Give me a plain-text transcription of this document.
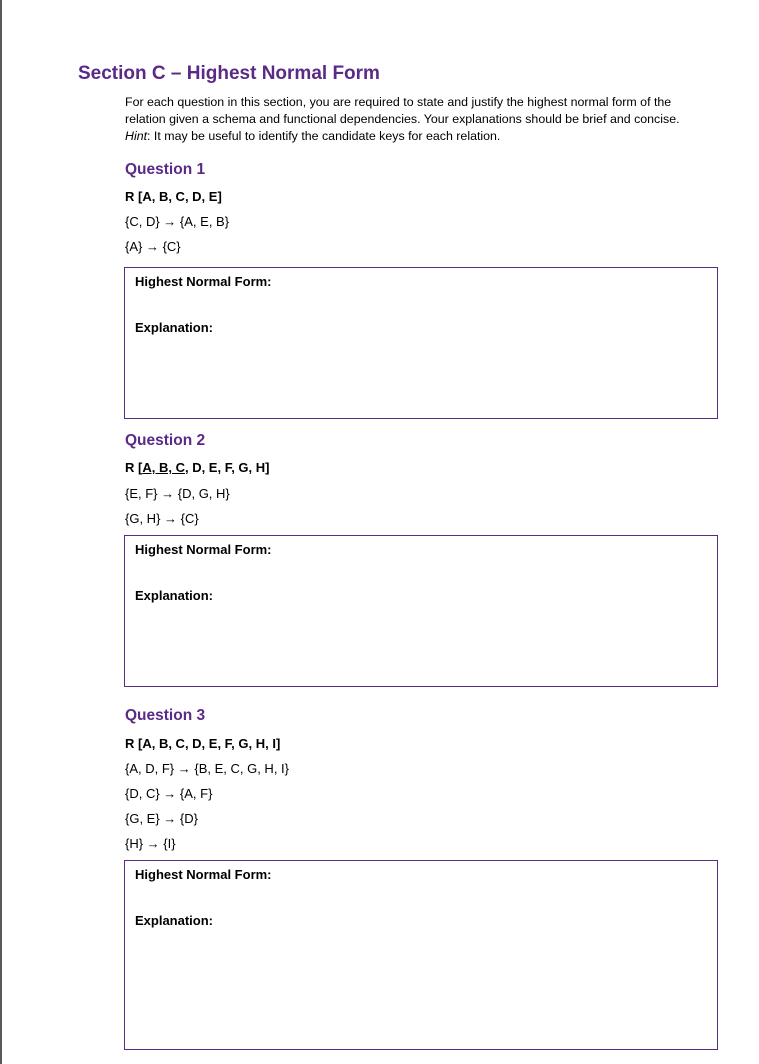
Section C – Highest Normal Form

For each question in this section, you are required to state and justify the highest normal form of the

relation given a schema and functional dependencies. Your explanations should be brief and concise.

Hint: It may be useful to identify the candidate keys for each relation.

Question 1

R [A, B, C, D, E]

{C, D} → {A, E, B}

{A} → {C}

Highest Normal Form:

Explanation:

Question 2

R [A, B, C, D, E, F, G, H]

{E, F} → {D, G, H}

{G, H} → {C}

Highest Normal Form:

Explanation:

Question 3

R [A, B, C, D, E, F, G, H, I]

{A, D, F} → {B, E, C, G, H, I}

{D, C} → {A, F}

{G, E} → {D}

{H} → {I}

Highest Normal Form:

Explanation:
